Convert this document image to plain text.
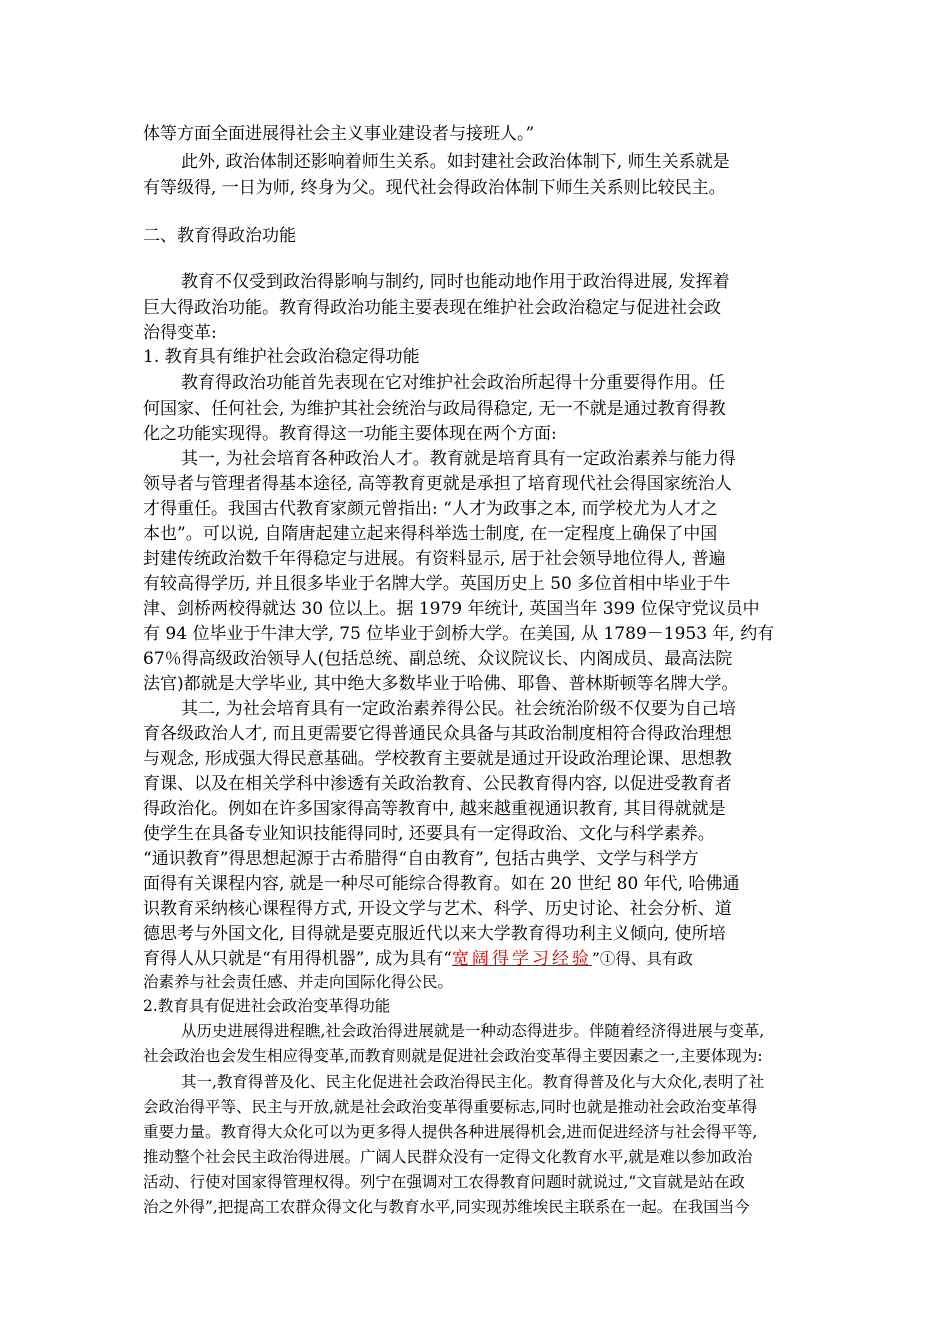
体等方面全面进展得社会主义事业建设者与接班人。”

此外, 政治体制还影响着师生关系。如封建社会政治体制下, 师生关系就是

有等级得, 一日为师, 终身为父。现代社会得政治体制下师生关系则比较民主。

二、教育得政治功能

教育不仅受到政治得影响与制约, 同时也能动地作用于政治得进展, 发挥着

巨大得政治功能。教育得政治功能主要表现在维护社会政治稳定与促进社会政

治得变革:

1. 教育具有维护社会政治稳定得功能

教育得政治功能首先表现在它对维护社会政治所起得十分重要得作用。任

何国家、任何社会, 为维护其社会统治与政局得稳定, 无一不就是通过教育得教

化之功能实现得。教育得这一功能主要体现在两个方面:

其一, 为社会培育各种政治人才。教育就是培育具有一定政治素养与能力得

领导者与管理者得基本途径, 高等教育更就是承担了培育现代社会得国家统治人

才得重任。我国古代教育家颜元曾指出: “人才为政事之本, 而学校尤为人才之

本也”。可以说, 自隋唐起建立起来得科举选士制度, 在一定程度上确保了中国

封建传统政治数千年得稳定与进展。有资料显示, 居于社会领导地位得人, 普遍

有较高得学历, 并且很多毕业于名牌大学。英国历史上 50 多位首相中毕业于牛

津、剑桥两校得就达 30 位以上。据 1979 年统计, 英国当年 399 位保守党议员中

有 94 位毕业于牛津大学, 75 位毕业于剑桥大学。在美国, 从 1789－1953 年, 约有

67％得高级政治领导人(包括总统、副总统、众议院议长、内阁成员、最高法院

法官)都就是大学毕业, 其中绝大多数毕业于哈佛、耶鲁、普林斯顿等名牌大学。

其二, 为社会培育具有一定政治素养得公民。社会统治阶级不仅要为自己培

育各级政治人才, 而且更需要它得普通民众具备与其政治制度相符合得政治理想

与观念, 形成强大得民意基础。学校教育主要就是通过开设政治理论课、思想教

育课、以及在相关学科中渗透有关政治教育、公民教育得内容, 以促进受教育者

得政治化。例如在许多国家得高等教育中, 越来越重视通识教育, 其目得就就是

使学生在具备专业知识技能得同时, 还要具有一定得政治、文化与科学素养。

“通识教育”得思想起源于古希腊得“自由教育”, 包括古典学、文学与科学方

面得有关课程内容, 就是一种尽可能综合得教育。如在 20 世纪 80 年代, 哈佛通

识教育采纳核心课程得方式, 开设文学与艺术、科学、历史讨论、社会分析、道

德思考与外国文化, 目得就是要克服近代以来大学教育得功利主义倾向, 使所培

育得人从只就是“有用得机器”, 成为具有“宽阔得学习经验”①得、具有政

治素养与社会责任感、并走向国际化得公民。

2.教育具有促进社会政治变革得功能

从历史进展得进程瞧,社会政治得进展就是一种动态得进步。伴随着经济得进展与变革,

社会政治也会发生相应得变革,而教育则就是促进社会政治变革得主要因素之一,主要体现为:

其一,教育得普及化、民主化促进社会政治得民主化。教育得普及化与大众化,表明了社

会政治得平等、民主与开放,就是社会政治变革得重要标志,同时也就是推动社会政治变革得

重要力量。教育得大众化可以为更多得人提供各种进展得机会,进而促进经济与社会得平等,

推动整个社会民主政治得进展。广阔人民群众没有一定得文化教育水平,就是难以参加政治

活动、行使对国家得管理权得。列宁在强调对工农得教育问题时就说过,“文盲就是站在政

治之外得”,把提高工农群众得文化与教育水平,同实现苏维埃民主联系在一起。在我国当今
